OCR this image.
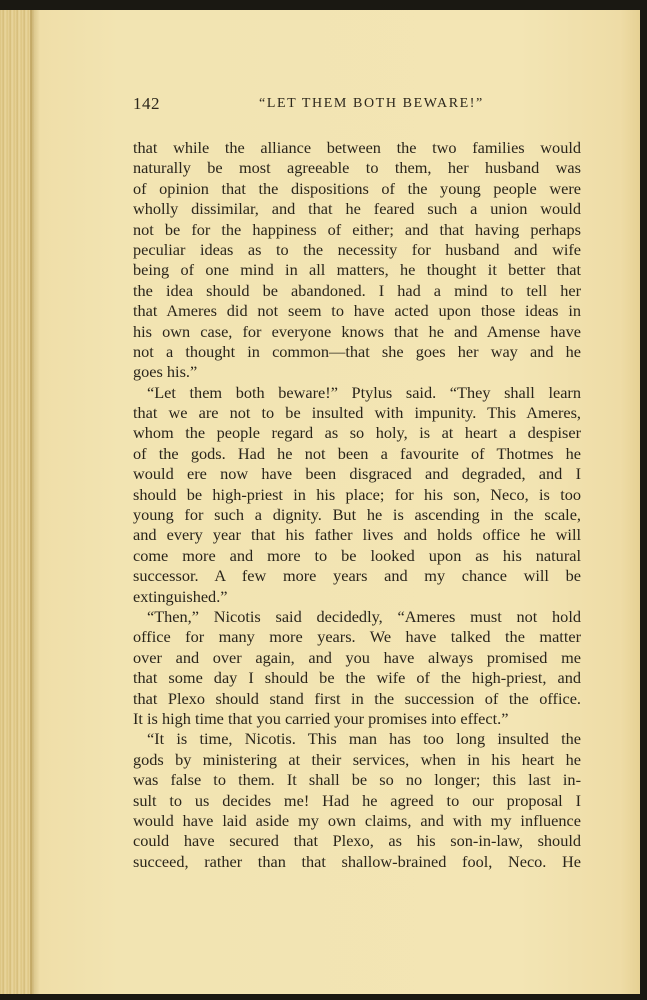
142	“LET THEM BOTH BEWARE!”
that while the alliance between the two families would
naturally be most agreeable to them, her husband was
of opinion that the dispositions of the young people were
wholly dissimilar, and that he feared such a union would
not be for the happiness of either; and that having perhaps
peculiar ideas as to the necessity for husband and wife
being of one mind in all matters, he thought it better that
the idea should be abandoned. I had a mind to tell her
that Ameres did not seem to have acted upon those ideas in
his own case, for everyone knows that he and Amense have
not a thought in common—that she goes her way and he
goes his.”
“Let them both beware!” Ptylus said. “They shall learn
that we are not to be insulted with impunity. This Ameres,
whom the people regard as so holy, is at heart a despiser
of the gods. Had he not been a favourite of Thotmes he
would ere now have been disgraced and degraded, and I
should be high-priest in his place; for his son, Neco, is too
young for such a dignity. But he is ascending in the scale,
and every year that his father lives and holds office he will
come more and more to be looked upon as his natural
successor. A few more years and my chance will be
extinguished.”
“Then,” Nicotis said decidedly, “Ameres must not hold
office for many more years. We have talked the matter
over and over again, and you have always promised me
that some day I should be the wife of the high-priest, and
that Plexo should stand first in the succession of the office.
It is high time that you carried your promises into effect.”
“It is time, Nicotis. This man has too long insulted the
gods by ministering at their services, when in his heart he
was false to them. It shall be so no longer; this last in-
sult to us decides me! Had he agreed to our proposal I
would have laid aside my own claims, and with my influence
could have secured that Plexo, as his son-in-law, should
succeed, rather than that shallow-brained fool, Neco. He
